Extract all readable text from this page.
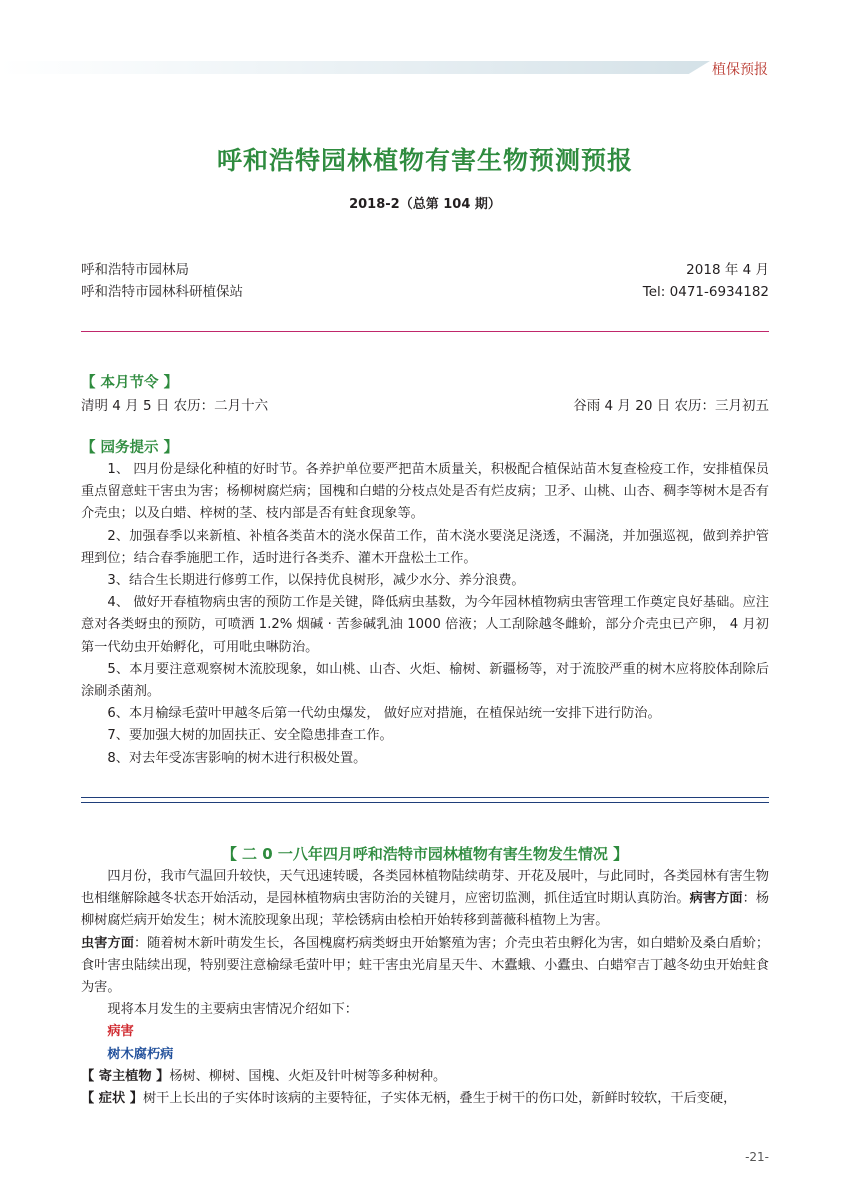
植保预报
呼和浩特园林植物有害生物预测预报
2018-2（总第 104 期）
呼和浩特市园林局
呼和浩特市园林科研植保站
2018 年 4 月
Tel: 0471-6934182
【 本月节令 】
清明 4 月 5 日 农历：二月十六	谷雨 4 月 20 日 农历：三月初五
【 园务提示 】

1、 四月份是绿化种植的好时节。各养护单位要严把苗木质量关，积极配合植保站苗木复查检疫工作，安排植保员重点留意蛀干害虫为害；杨柳树腐烂病；国槐和白蜡的分枝点处是否有烂皮病；卫矛、山桃、山杏、稠李等树木是否有介壳虫；以及白蜡、梓树的茎、枝内部是否有蛀食现象等。

2、加强春季以来新植、补植各类苗木的浇水保苗工作，苗木浇水要浇足浇透，不漏浇，并加强巡视，做到养护管理到位；结合春季施肥工作，适时进行各类乔、灌木开盘松土工作。

3、结合生长期进行修剪工作，以保持优良树形，减少水分、养分浪费。

4、 做好开春植物病虫害的预防工作是关键，降低病虫基数，为今年园林植物病虫害管理工作奠定良好基础。应注意对各类蚜虫的预防，可喷洒 1.2% 烟碱 · 苦参碱乳油 1000 倍液；人工刮除越冬雌蚧，部分介壳虫已产卵， 4 月初第一代幼虫开始孵化，可用吡虫啉防治。

5、本月要注意观察树木流胶现象，如山桃、山杏、火炬、榆树、新疆杨等，对于流胶严重的树木应将胶体刮除后涂刷杀菌剂。

6、本月榆绿毛萤叶甲越冬后第一代幼虫爆发， 做好应对措施，在植保站统一安排下进行防治。

7、要加强大树的加固扶正、安全隐患排查工作。

8、对去年受冻害影响的树木进行积极处置。

【 二 0 一八年四月呼和浩特市园林植物有害生物发生情况 】

四月份，我市气温回升较快，天气迅速转暖，各类园林植物陆续萌芽、开花及展叶，与此同时，各类园林有害生物也相继解除越冬状态开始活动，是园林植物病虫害防治的关键月，应密切监测，抓住适宜时期认真防治。病害方面：杨柳树腐烂病开始发生；树木流胶现象出现；苹桧锈病由桧柏开始转移到蔷薇科植物上为害。

虫害方面：随着树木新叶萌发生长，各国槐腐朽病类蚜虫开始繁殖为害；介壳虫若虫孵化为害，如白蜡蚧及桑白盾蚧；食叶害虫陆续出现，特别要注意榆绿毛萤叶甲；蛀干害虫光肩星天牛、木蠹蛾、小蠹虫、白蜡窄吉丁越冬幼虫开始蛀食为害。

现将本月发生的主要病虫害情况介绍如下：

病害

树木腐朽病

【 寄主植物 】杨树、柳树、国槐、火炬及针叶树等多种树种。

【 症状 】树干上长出的子实体时该病的主要特征，子实体无柄，叠生于树干的伤口处，新鲜时较软，干后变硬，

-21-
